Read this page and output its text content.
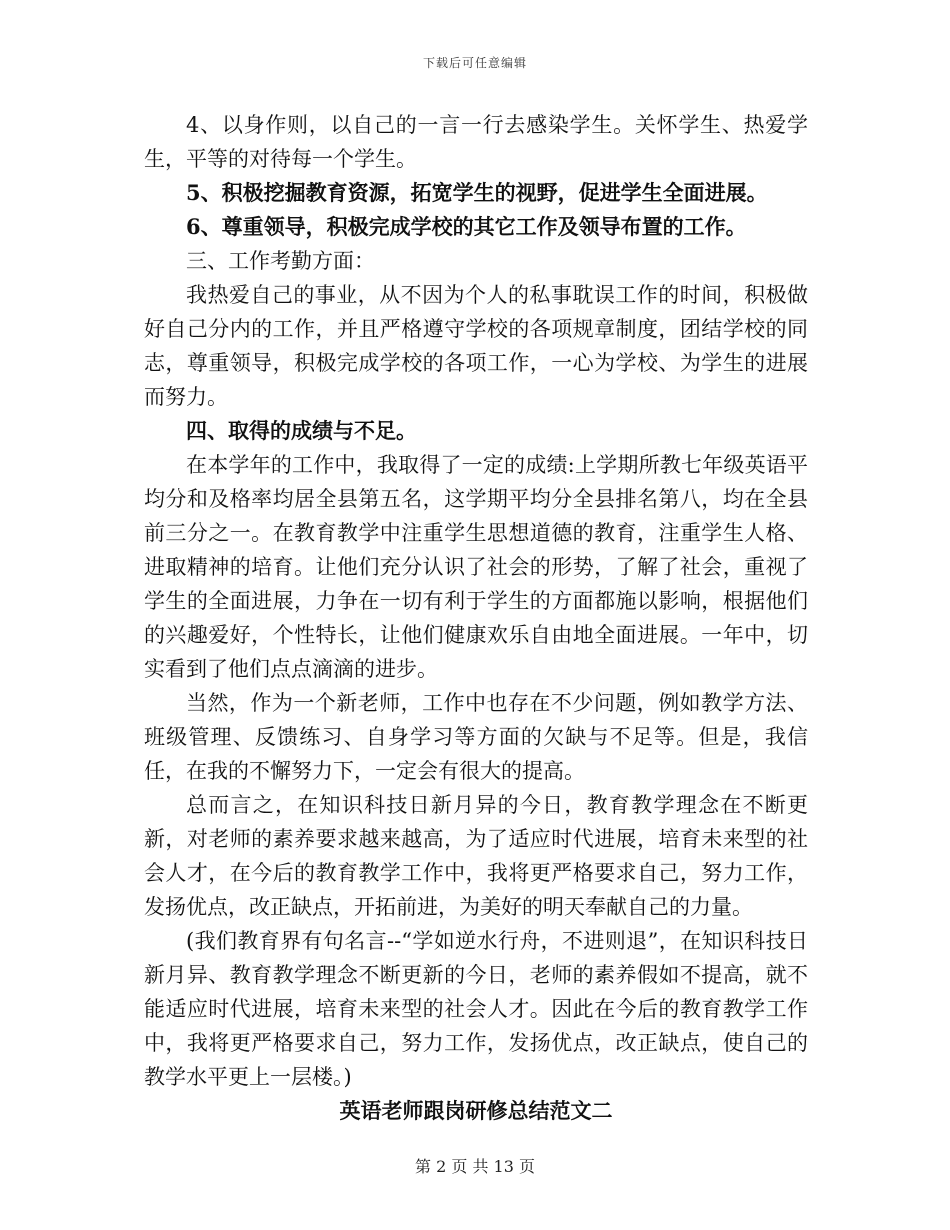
下载后可任意编辑

4、以身作则，以自己的一言一行去感染学生。关怀学生、热爱学生，平等的对待每一个学生。

5、积极挖掘教育资源，拓宽学生的视野，促进学生全面进展。

6、尊重领导，积极完成学校的其它工作及领导布置的工作。

三、工作考勤方面：

我热爱自己的事业，从不因为个人的私事耽误工作的时间，积极做好自己分内的工作，并且严格遵守学校的各项规章制度，团结学校的同志，尊重领导，积极完成学校的各项工作，一心为学校、为学生的进展而努力。

四、取得的成绩与不足。

在本学年的工作中，我取得了一定的成绩:上学期所教七年级英语平均分和及格率均居全县第五名，这学期平均分全县排名第八，均在全县前三分之一。在教育教学中注重学生思想道德的教育，注重学生人格、进取精神的培育。让他们充分认识了社会的形势，了解了社会，重视了学生的全面进展，力争在一切有利于学生的方面都施以影响，根据他们的兴趣爱好，个性特长，让他们健康欢乐自由地全面进展。一年中，切实看到了他们点点滴滴的进步。

当然，作为一个新老师，工作中也存在不少问题，例如教学方法、班级管理、反馈练习、自身学习等方面的欠缺与不足等。但是，我信任，在我的不懈努力下，一定会有很大的提高。

总而言之，在知识科技日新月异的今日，教育教学理念在不断更新，对老师的素养要求越来越高，为了适应时代进展，培育未来型的社会人才，在今后的教育教学工作中，我将更严格要求自己，努力工作，发扬优点，改正缺点，开拓前进，为美好的明天奉献自己的力量。

(我们教育界有句名言--“学如逆水行舟，不进则退”，在知识科技日新月异、教育教学理念不断更新的今日，老师的素养假如不提高，就不能适应时代进展，培育未来型的社会人才。因此在今后的教育教学工作中，我将更严格要求自己，努力工作，发扬优点，改正缺点，使自己的教学水平更上一层楼。)

英语老师跟岗研修总结范文二

第 2 页 共 13 页
